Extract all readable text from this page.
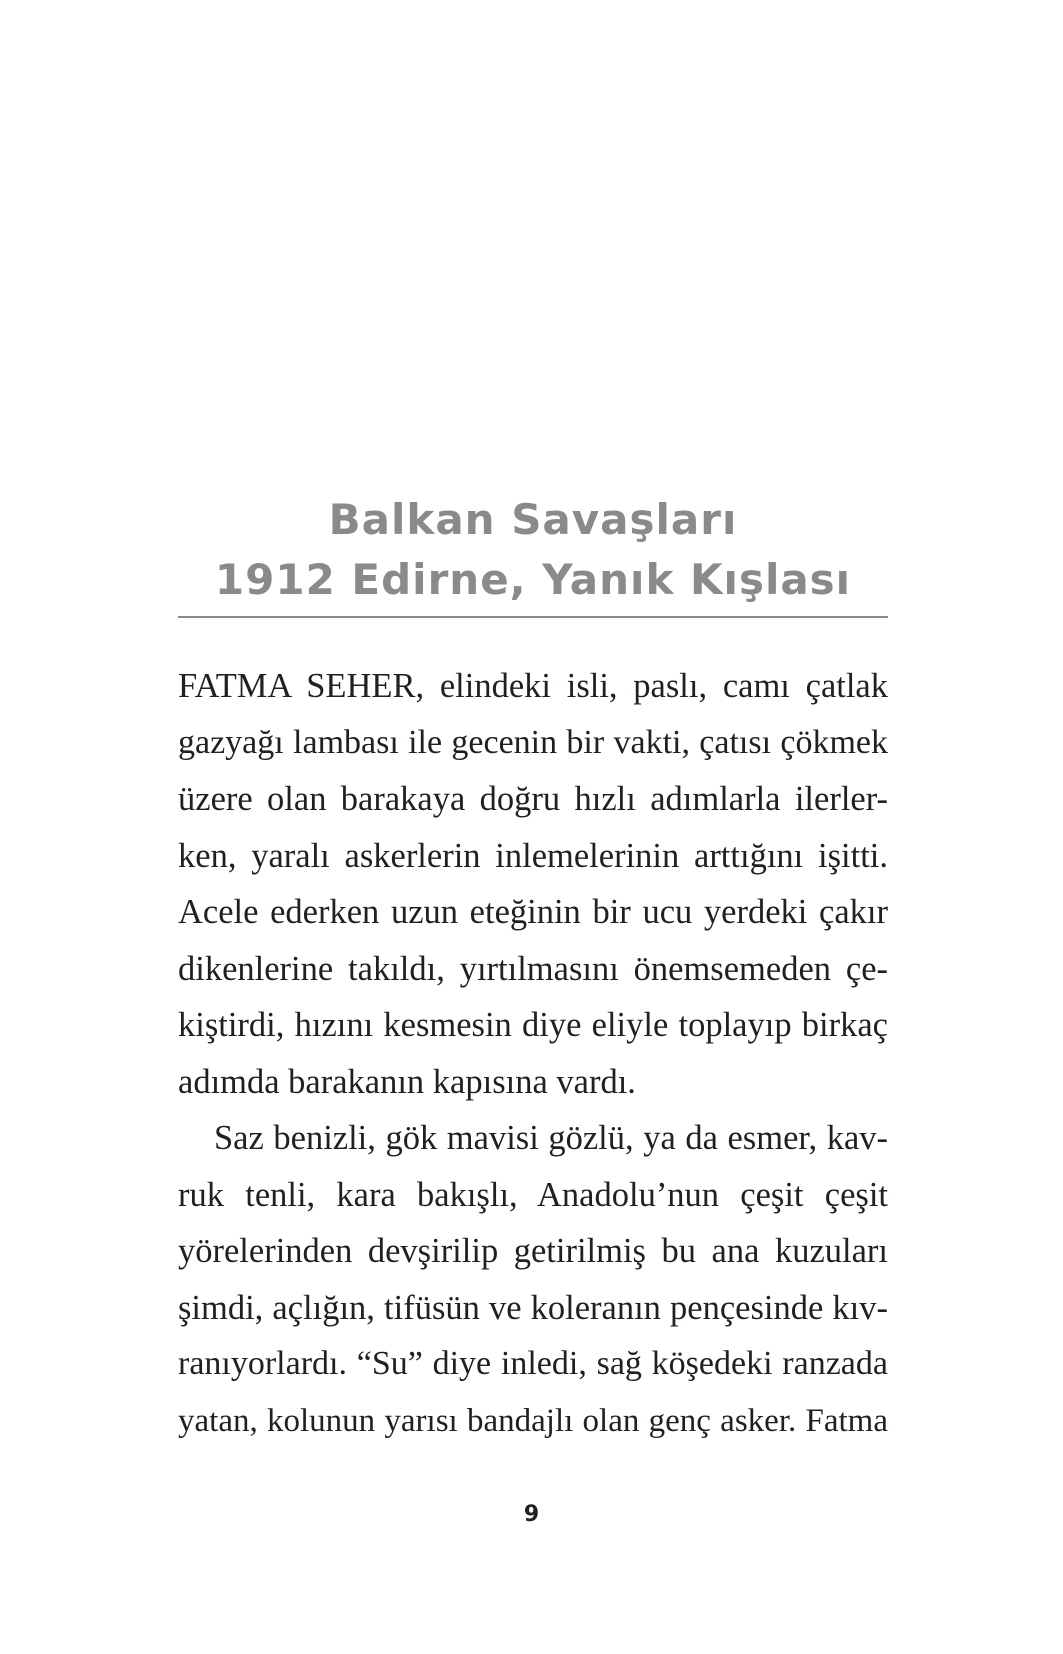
Balkan Savaşları
1912 Edirne, Yanık Kışlası

FATMA SEHER, elindeki isli, paslı, camı çatlak
gazyağı lambası ile gecenin bir vakti, çatısı çökmek
üzere olan barakaya doğru hızlı adımlarla ilerler-
ken, yaralı askerlerin inlemelerinin arttığını işitti.
Acele ederken uzun eteğinin bir ucu yerdeki çakır
dikenlerine takıldı, yırtılmasını önemsemeden çe-
kiştirdi, hızını kesmesin diye eliyle toplayıp birkaç
adımda barakanın kapısına vardı.

Saz benizli, gök mavisi gözlü, ya da esmer, kav-
ruk tenli, kara bakışlı, Anadolu’nun çeşit çeşit
yörelerinden devşirilip getirilmiş bu ana kuzuları
şimdi, açlığın, tifüsün ve koleranın pençesinde kıv-
ranıyorlardı. “Su” diye inledi, sağ köşedeki ranzada
yatan, kolunun yarısı bandajlı olan genç asker. Fatma

9
